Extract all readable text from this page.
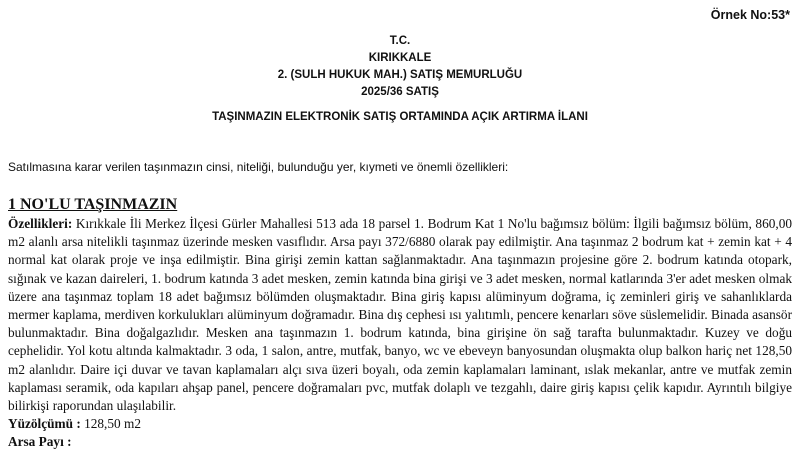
Örnek No:53*
T.C.
KIRIKKALE
2. (SULH HUKUK MAH.) SATIŞ MEMURLUĞU
2025/36 SATIŞ
TAŞINMAZIN ELEKTRONİK SATIŞ ORTAMINDA AÇIK ARTIRMA İLANI
Satılmasına karar verilen taşınmazın cinsi, niteliği, bulunduğu yer, kıymeti ve önemli özellikleri:
1 NO'LU TAŞINMAZIN
Özellikleri: Kırıkkale İli Merkez İlçesi Gürler Mahallesi 513 ada 18 parsel 1. Bodrum Kat 1 No'lu bağımsız bölüm: İlgili bağımsız bölüm, 860,00 m2 alanlı arsa nitelikli taşınmaz üzerinde mesken vasıflıdır. Arsa payı 372/6880 olarak pay edilmiştir. Ana taşınmaz 2 bodrum kat + zemin kat + 4 normal kat olarak proje ve inşa edilmiştir. Bina girişi zemin kattan sağlanmaktadır. Ana taşınmazın projesine göre 2. bodrum katında otopark, sığınak ve kazan daireleri, 1. bodrum katında 3 adet mesken, zemin katında bina girişi ve 3 adet mesken, normal katlarında 3'er adet mesken olmak üzere ana taşınmaz toplam 18 adet bağımsız bölümden oluşmaktadır. Bina giriş kapısı alüminyum doğrama, iç zeminleri giriş ve sahanlıklarda mermer kaplama, merdiven korkulukları alüminyum doğramadır. Bina dış cephesi ısı yalıtımlı, pencere kenarları söve süslemelidir. Binada asansör bulunmaktadır. Bina doğalgazlıdır. Mesken ana taşınmazın 1. bodrum katında, bina girişine ön sağ tarafta bulunmaktadır. Kuzey ve doğu cephelidir. Yol kotu altında kalmaktadır. 3 oda, 1 salon, antre, mutfak, banyo, wc ve ebeveyn banyosundan oluşmakta olup balkon hariç net 128,50 m2 alanlıdır. Daire içi duvar ve tavan kaplamaları alçı sıva üzeri boyalı, oda zemin kaplamaları laminant, ıslak mekanlar, antre ve mutfak zemin kaplaması seramik, oda kapıları ahşap panel, pencere doğramaları pvc, mutfak dolaplı ve tezgahlı, daire giriş kapısı çelik kapıdır. Ayrıntılı bilgiye bilirkişi raporundan ulaşılabilir.
Yüzölçümü : 128,50 m2
Arsa Payı :
